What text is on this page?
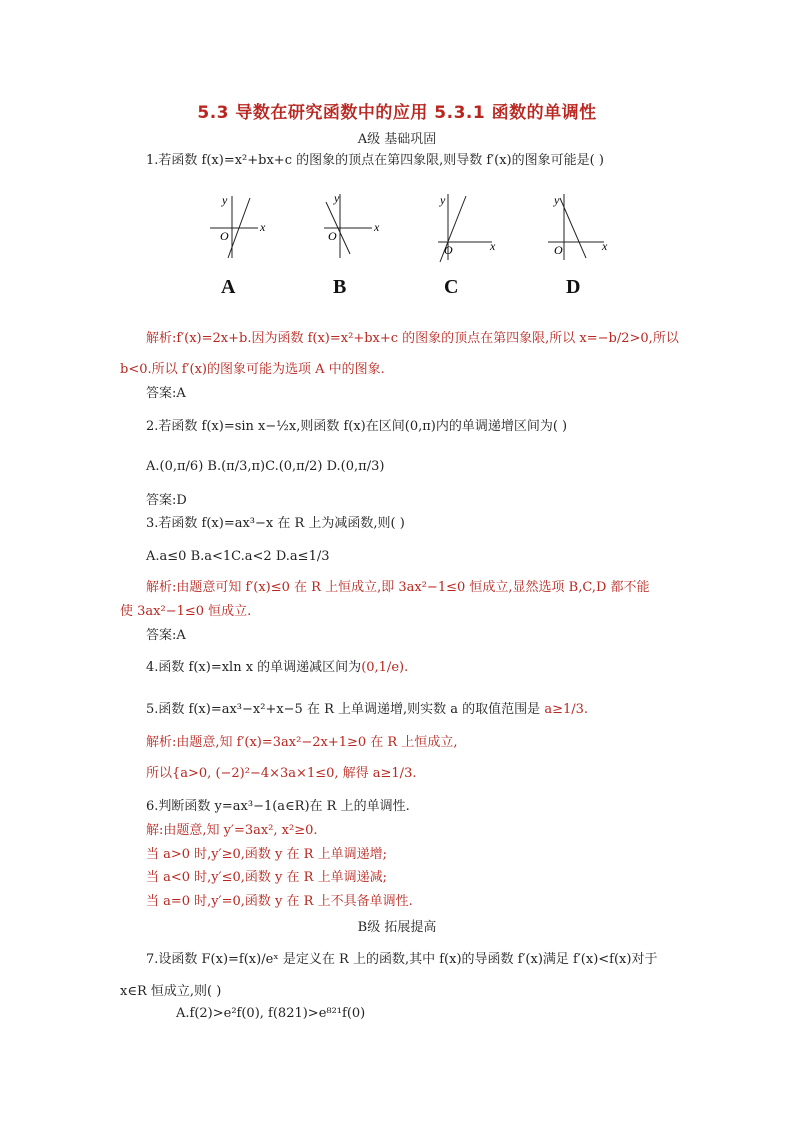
5.3 导数在研究函数中的应用 5.3.1 函数的单调性
A级 基础巩固
1.若函数 f(x)=x²+bx+c 的图象的顶点在第四象限,则导数 f′(x)的图象可能是( )
y
x
O
y
x
O
y
x
O
y
x
O
A	B	C	D
解析:f′(x)=2x+b.因为函数 f(x)=x²+bx+c 的图象的顶点在第四象限,所以 x=−b/2>0,所以
b<0.所以 f′(x)的图象可能为选项 A 中的图象.
答案:A
2.若函数 f(x)=sin x−½x,则函数 f(x)在区间(0,π)内的单调递增区间为( )
A.(0,π/6) B.(π/3,π)C.(0,π/2) D.(0,π/3)
答案:D
3.若函数 f(x)=ax³−x 在 R 上为减函数,则( )
A.a≤0 B.a<1C.a<2 D.a≤1/3
解析:由题意可知 f′(x)≤0 在 R 上恒成立,即 3ax²−1≤0 恒成立,显然选项 B,C,D 都不能
使 3ax²−1≤0 恒成立.
答案:A
4.函数 f(x)=xln x 的单调递减区间为(0,1/e).
5.函数 f(x)=ax³−x²+x−5 在 R 上单调递增,则实数 a 的取值范围是 a≥1/3.
解析:由题意,知 f′(x)=3ax²−2x+1≥0 在 R 上恒成立,
所以{a>0, (−2)²−4×3a×1≤0, 解得 a≥1/3.
6.判断函数 y=ax³−1(a∈R)在 R 上的单调性.
解:由题意,知 y′=3ax², x²≥0.
当 a>0 时,y′≥0,函数 y 在 R 上单调递增;
当 a<0 时,y′≤0,函数 y 在 R 上单调递减;
当 a=0 时,y′=0,函数 y 在 R 上不具备单调性.
B级 拓展提高
7.设函数 F(x)=f(x)/eˣ 是定义在 R 上的函数,其中 f(x)的导函数 f′(x)满足 f′(x)<f(x)对于
x∈R 恒成立,则( )
A.f(2)>e²f(0), f(821)>e⁸²¹f(0)
